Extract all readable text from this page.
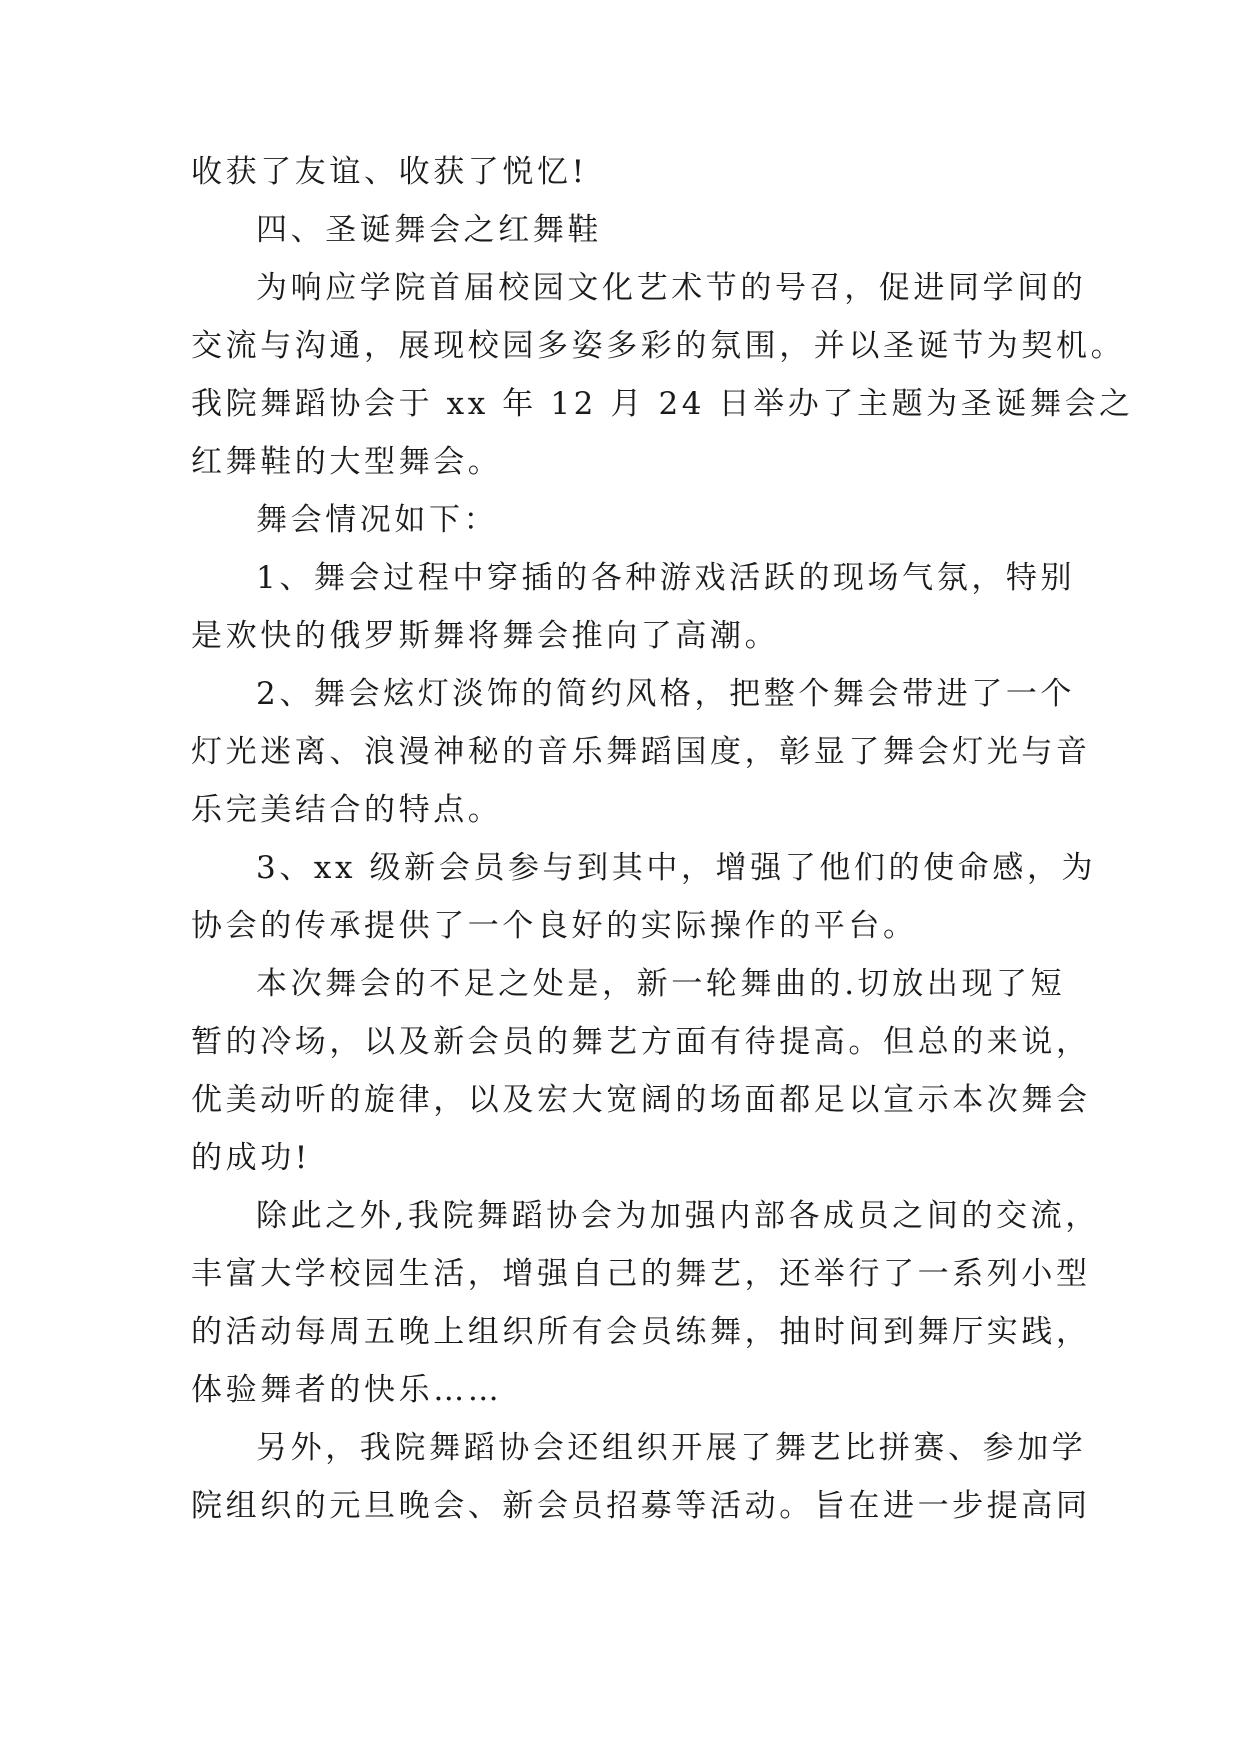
收获了友谊、收获了悦忆!

四、圣诞舞会之红舞鞋

为响应学院首届校园文化艺术节的号召，促进同学间的

交流与沟通，展现校园多姿多彩的氛围，并以圣诞节为契机。

我院舞蹈协会于 xx 年 12 月 24 日举办了主题为圣诞舞会之

红舞鞋的大型舞会。

舞会情况如下：

1、舞会过程中穿插的各种游戏活跃的现场气氛，特别

是欢快的俄罗斯舞将舞会推向了高潮。

2、舞会炫灯淡饰的简约风格，把整个舞会带进了一个

灯光迷离、浪漫神秘的音乐舞蹈国度，彰显了舞会灯光与音

乐完美结合的特点。

3、xx 级新会员参与到其中，增强了他们的使命感，为

协会的传承提供了一个良好的实际操作的平台。

本次舞会的不足之处是，新一轮舞曲的.切放出现了短

暂的冷场，以及新会员的舞艺方面有待提高。但总的来说，

优美动听的旋律，以及宏大宽阔的场面都足以宣示本次舞会

的成功!

除此之外,我院舞蹈协会为加强内部各成员之间的交流，

丰富大学校园生活，增强自己的舞艺，还举行了一系列小型

的活动每周五晚上组织所有会员练舞，抽时间到舞厅实践，

体验舞者的快乐……

另外，我院舞蹈协会还组织开展了舞艺比拼赛、参加学

院组织的元旦晚会、新会员招募等活动。旨在进一步提高同
